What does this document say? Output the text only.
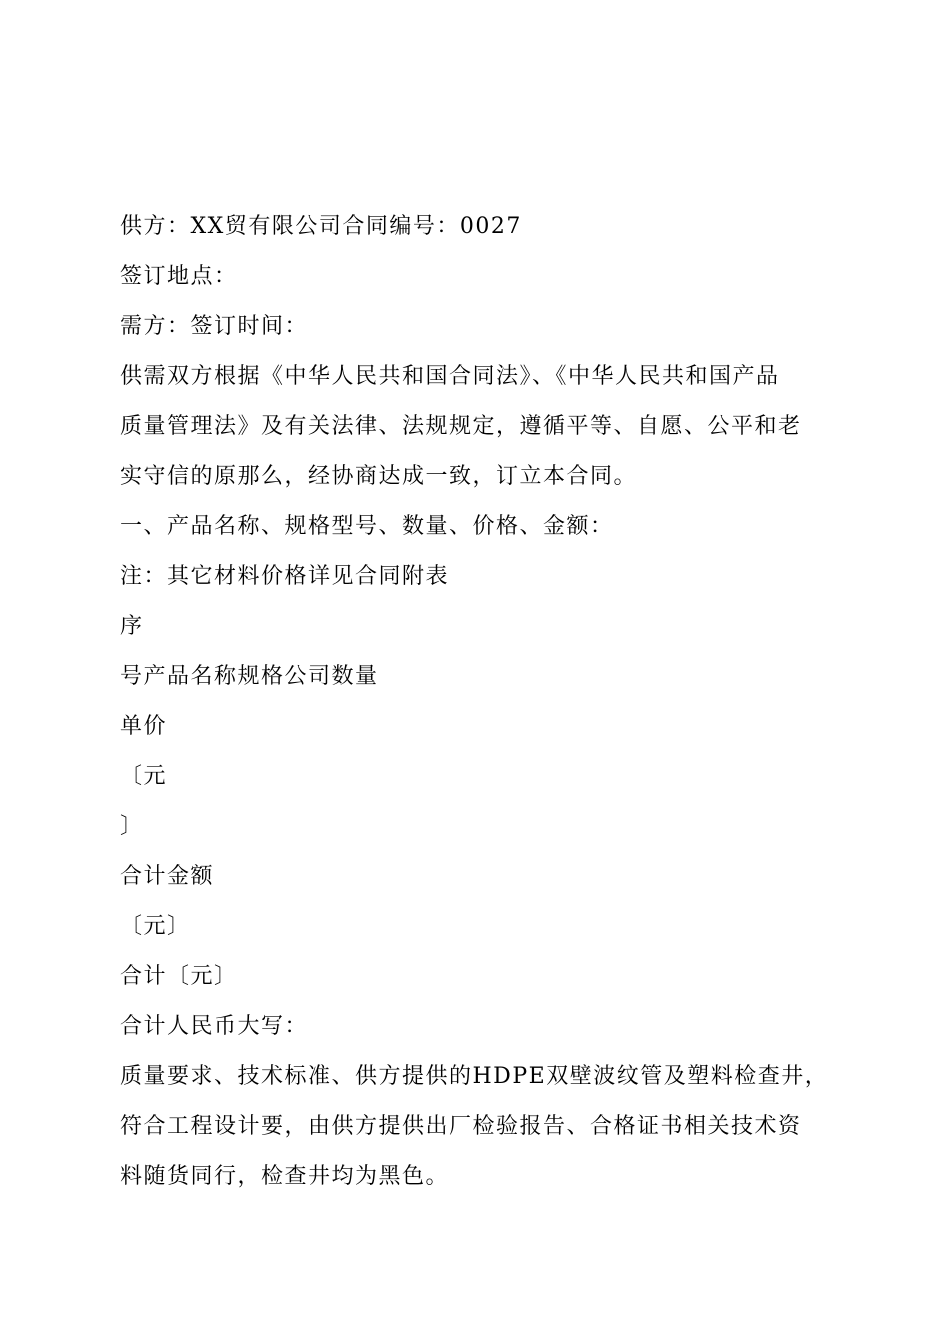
供方：XX贸有限公司合同编号：0027
签订地点：
需方：签订时间：
供需双方根据《中华人民共和国合同法》、《中华人民共和国产品
质量管理法》及有关法律、法规规定，遵循平等、自愿、公平和老
实守信的原那么，经协商达成一致，订立本合同。
一、产品名称、规格型号、数量、价格、金额：
注：其它材料价格详见合同附表
序
号产品名称规格公司数量
单价
〔元
〕
合计金额
〔元〕
合计〔元〕
合计人民币大写：
质量要求、技术标准、供方提供的HDPE双壁波纹管及塑料检查井，
符合工程设计要，由供方提供出厂检验报告、合格证书相关技术资
料随货同行，检查井均为黑色。
